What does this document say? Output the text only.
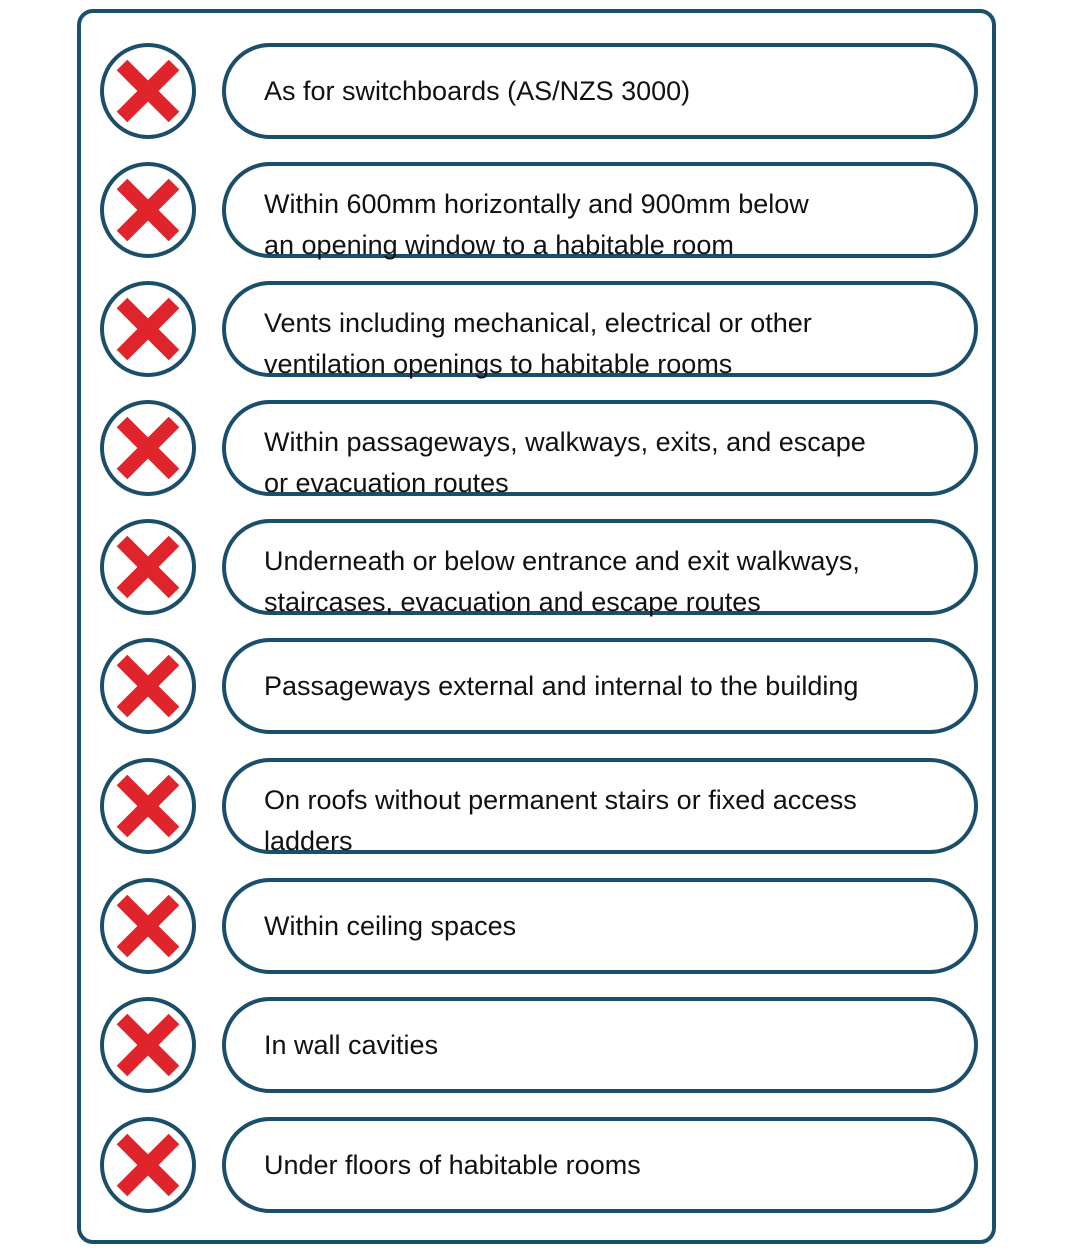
As for switchboards (AS/NZS 3000)
Within 600mm horizontally and 900mm below
an opening window to a habitable room
Vents including mechanical, electrical or other
ventilation openings to habitable rooms
Within passageways, walkways, exits, and escape
or evacuation routes
Underneath or below entrance and exit walkways,
staircases, evacuation and escape routes
Passageways external and internal to the building
On roofs without permanent stairs or fixed access
ladders
Within ceiling spaces
In wall cavities
Under floors of habitable rooms
